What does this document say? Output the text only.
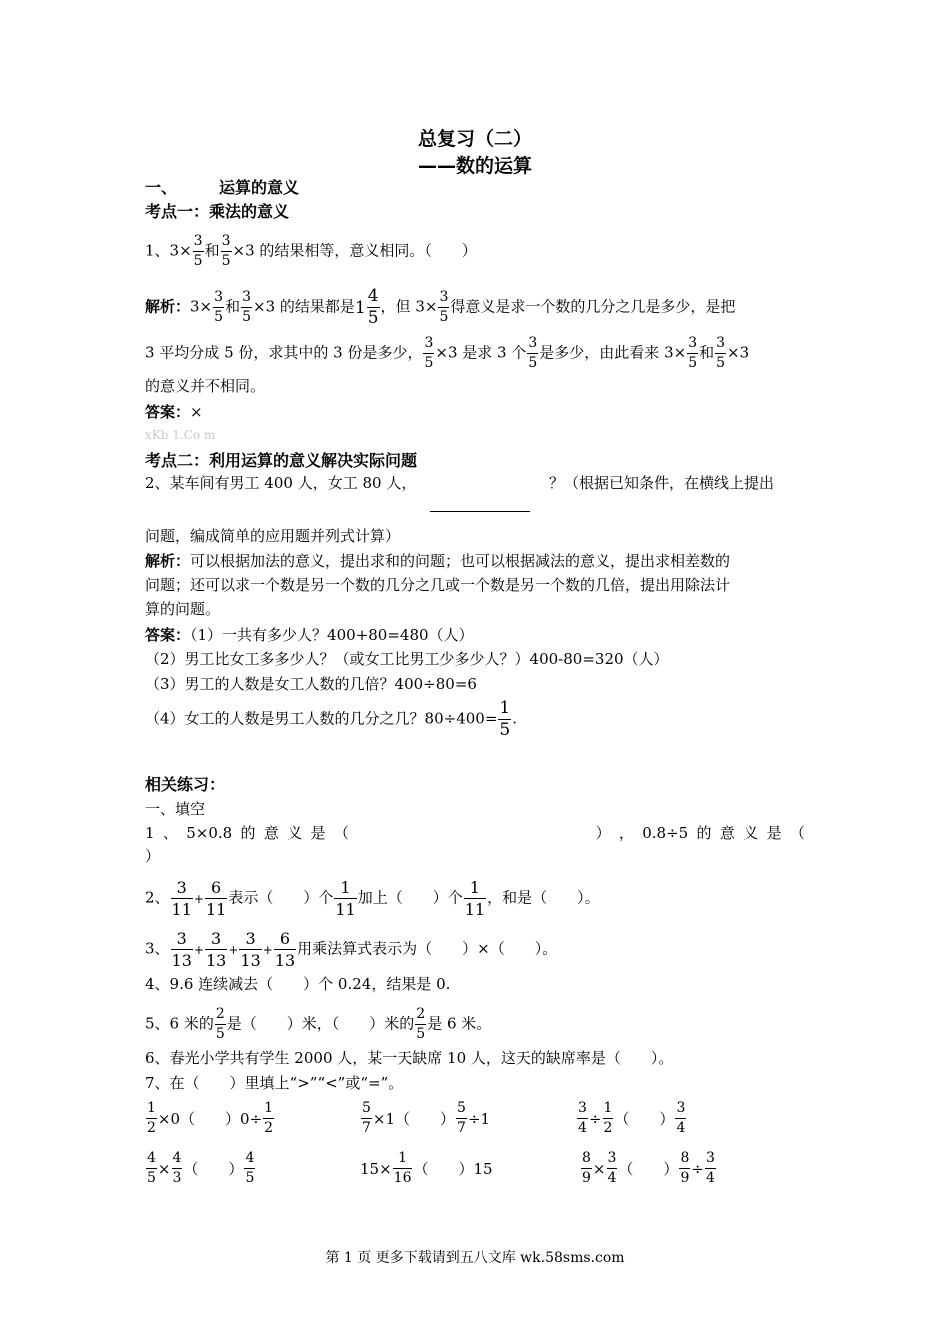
总复习（二）
——数的运算
一、	运算的意义
考点一：乘法的意义
1、$3\times \frac{3}{5}$ 和 $\frac{3}{5} \times 3$ 的结果相等，意义相同。（　　）
解析：$3\times \frac{3}{5}$ 和 $\frac{3}{5} \times 3$ 的结果都是$1 \frac{4}{5}$ ，但 $3\times \frac{3}{5}$ 得意义是求一个数的几分之几是多少，是把
3 平均分成 5 份，求其中的 3 份是多少， $\frac{3}{5} \times 3$ 是求 3 个 $\frac{3}{5}$ 是多少，由此看来 $3\times \frac{3}{5}$ 和 $\frac{3}{5} \times 3$
的意义并不相同。
答案：×
xKb 1.Co m
考点二：利用运算的意义解决实际问题
2、某车间有男工 400 人，女工 80 人，	？（根据已知条件，在横线上提出
问题，编成简单的应用题并列式计算）
解析：可以根据加法的意义，提出求和的问题；也可以根据减法的意义，提出求相差数的
问题；还可以求一个数是另一个数的几分之几或一个数是另一个数的几倍，提出用除法计
算的问题。
答案：（1）一共有多少人？400+80=480（人）
（2）男工比女工多多少人？（或女工比男工少多少人？）400-80=320（人）
（3）男工的人数是女工人数的几倍？400÷80=6
（4）女工的人数是男工人数的几分之几？$80\div 400= \frac{1}{5}$ .
相关练习：
一、填空
1 、 5×0.8 的 意 义 是 （	） ， 0.8÷5 的 意 义 是 （
）
2、 $\frac{3}{11} + \frac{6}{11}$ 表示（　　）个 $\frac{1}{11}$ 加上（　　）个 $\frac{1}{11}$ ，和是（　　）。
3、 $\frac{3}{13} + \frac{3}{13} + \frac{3}{13} + \frac{6}{13}$ 用乘法算式表示为（　　）×（　　）。
4、9.6 连续减去（　　）个 0.24，结果是 0.
5、6 米的 $\frac{2}{5}$ 是（　　）米，（　　）米的 $\frac{2}{5}$ 是 6 米。
6、春光小学共有学生 2000 人，某一天缺席 10 人，这天的缺席率是（　　）。
7、在（　　）里填上“>”“<”或“=”。
$\frac{1}{2} \times 0$（　　）$0\div \frac{1}{2}$	$\frac{5}{7} \times 1$（　　） $\frac{5}{7} \div 1$	$\frac{3}{4} \div \frac{1}{2}$ （　　） $\frac{3}{4}$
$\frac{4}{5} \times \frac{4}{3}$ （　　） $\frac{4}{5}$	$15\times \frac{1}{16}$ （　　）15	$\frac{8}{9} \times \frac{3}{4}$ （　　） $\frac{8}{9} \div \frac{3}{4}$
第 1 页 更多下载请到五八文库 wk.58sms.com
